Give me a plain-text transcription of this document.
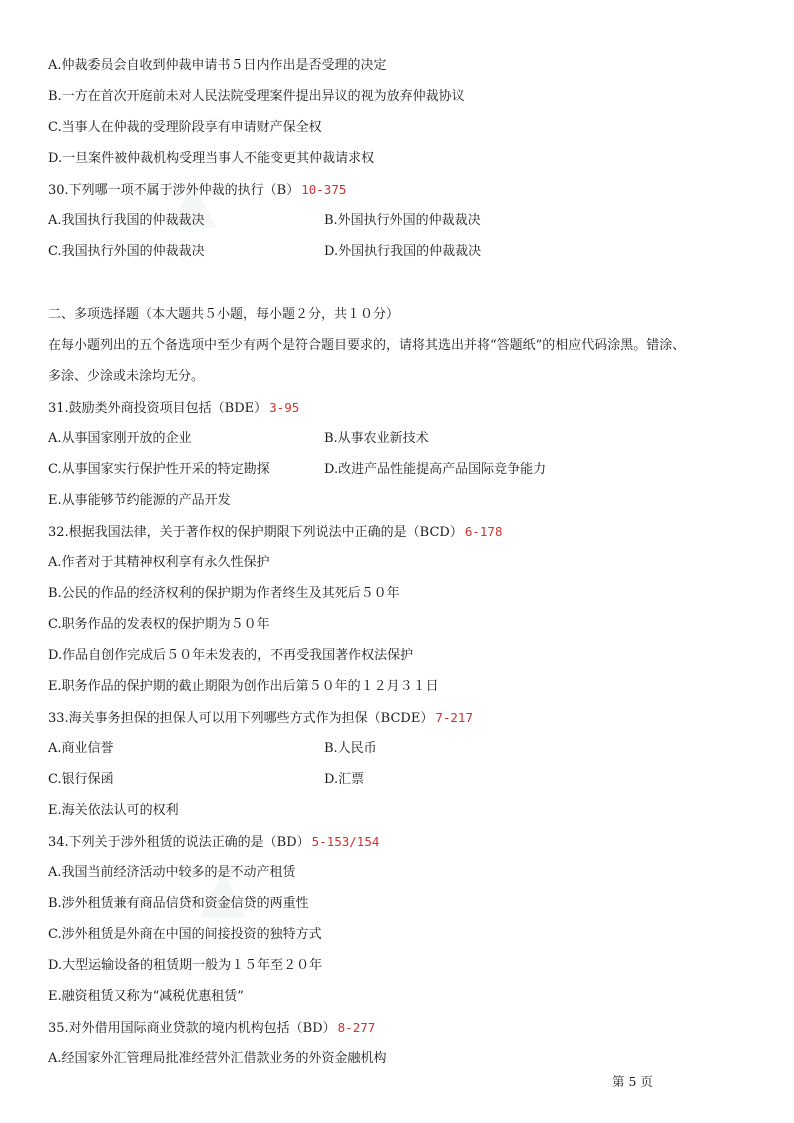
▲
▲
A.仲裁委员会自收到仲裁申请书５日内作出是否受理的决定
B.一方在首次开庭前未对人民法院受理案件提出异议的视为放弃仲裁协议
C.当事人在仲裁的受理阶段享有申请财产保全权
D.一旦案件被仲裁机构受理当事人不能变更其仲裁请求权
30.下列哪一项不属于涉外仲裁的执行（B） 10-375
A.我国执行我国的仲裁裁决	B.外国执行外国的仲裁裁决
C.我国执行外国的仲裁裁决	D.外国执行我国的仲裁裁决
二、多项选择题（本大题共５小题，每小题２分，共１０分）
在每小题列出的五个备选项中至少有两个是符合题目要求的，请将其选出并将“答题纸”的相应代码涂黑。错涂、
多涂、少涂或未涂均无分。
31.鼓励类外商投资项目包括（BDE） 3-95
A.从事国家刚开放的企业	B.从事农业新技术
C.从事国家实行保护性开采的特定勘探	D.改进产品性能提高产品国际竞争能力
E.从事能够节约能源的产品开发
32.根据我国法律，关于著作权的保护期限下列说法中正确的是（BCD） 6-178
A.作者对于其精神权利享有永久性保护
B.公民的作品的经济权利的保护期为作者终生及其死后５０年
C.职务作品的发表权的保护期为５０年
D.作品自创作完成后５０年未发表的，不再受我国著作权法保护
E.职务作品的保护期的截止期限为创作出后第５０年的１２月３１日
33.海关事务担保的担保人可以用下列哪些方式作为担保（BCDE） 7-217
A.商业信誉	B.人民币
C.银行保函	D.汇票
E.海关依法认可的权利
34.下列关于涉外租赁的说法正确的是（BD） 5-153/154
A.我国当前经济活动中较多的是不动产租赁
B.涉外租赁兼有商品信贷和资金信贷的两重性
C.涉外租赁是外商在中国的间接投资的独特方式
D.大型运输设备的租赁期一般为１５年至２０年
E.融资租赁又称为“减税优惠租赁”
35.对外借用国际商业贷款的境内机构包括（BD） 8-277
A.经国家外汇管理局批准经营外汇借款业务的外资金融机构
第 5 页
